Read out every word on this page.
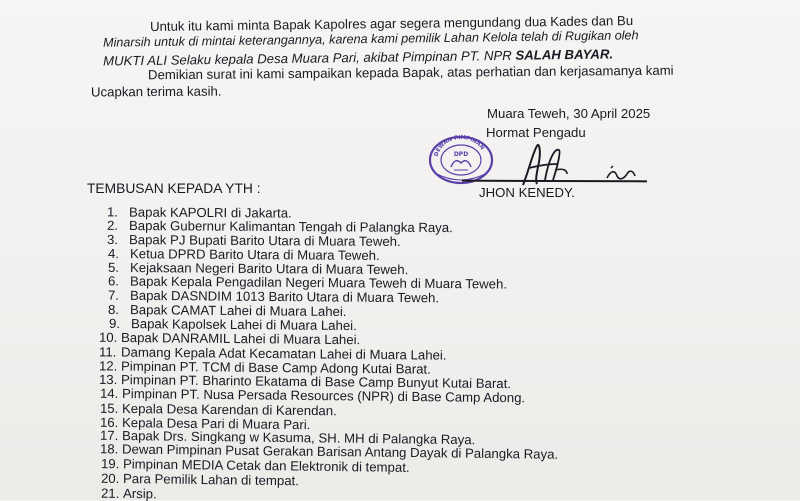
Untuk itu kami minta Bapak Kapolres agar segera mengundang dua Kades dan Bu
Minarsih untuk di mintai keterangannya, karena kami pemilik Lahan Kelola telah di Rugikan oleh
MUKTI ALI Selaku kepala Desa Muara Pari, akibat Pimpinan PT. NPR SALAH BAYAR.
Demikian surat ini kami sampaikan kepada Bapak, atas perhatian dan kerjasamanya kami
Ucapkan terima kasih.
Muara Teweh, 30 April 2025
Hormat Pengadu
DEWAN PIMPINAN
DPD
JHON KENEDY.
TEMBUSAN KEPADA YTH :
1. Bapak KAPOLRI di Jakarta.
2. Bapak Gubernur Kalimantan Tengah di Palangka Raya.
3. Bapak PJ Bupati Barito Utara di Muara Teweh.
4. Ketua DPRD Barito Utara di Muara Teweh.
5. Kejaksaan Negeri Barito Utara di Muara Teweh.
6. Bapak Kepala Pengadilan Negeri Muara Teweh di Muara Teweh.
7. Bapak DASNDIM 1013 Barito Utara di Muara Teweh.
8. Bapak CAMAT Lahei di Muara Lahei.
9. Bapak Kapolsek Lahei di Muara Lahei.
10. Bapak DANRAMIL Lahei di Muara Lahei.
11. Damang Kepala Adat Kecamatan Lahei di Muara Lahei.
12. Pimpinan PT. TCM di Base Camp Adong Kutai Barat.
13. Pimpinan PT. Bharinto Ekatama di Base Camp Bunyut Kutai Barat.
14. Pimpinan PT. Nusa Persada Resources (NPR) di Base Camp Adong.
15. Kepala Desa Karendan di Karendan.
16. Kepala Desa Pari di Muara Pari.
17. Bapak Drs. Singkang w Kasuma, SH. MH di Palangka Raya.
18. Dewan Pimpinan Pusat Gerakan Barisan Antang Dayak di Palangka Raya.
19. Pimpinan MEDIA Cetak dan Elektronik di tempat.
20. Para Pemilik Lahan di tempat.
21. Arsip.
